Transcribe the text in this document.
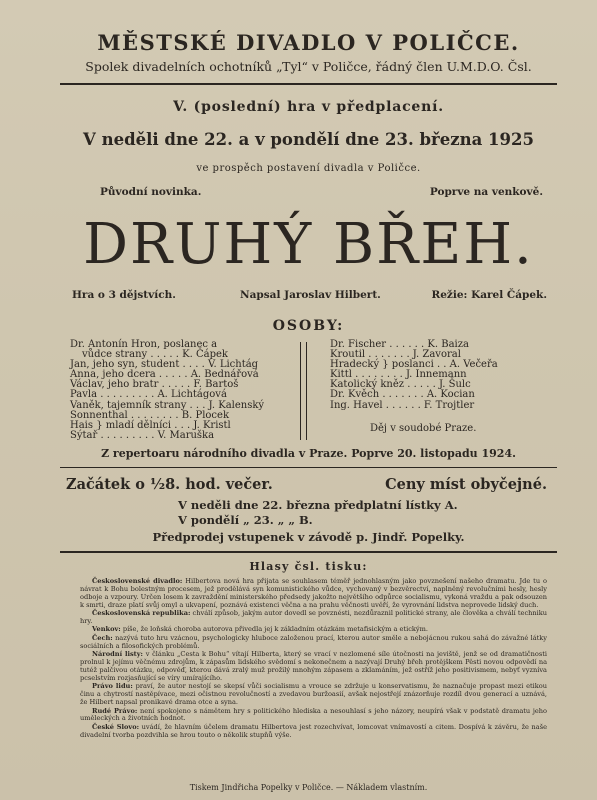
MĚSTSKÉ DIVADLO V POLIČCE.
Spolek divadelních ochotníků „Tyl“ v Poličce, řádný člen U.M.D.O. Čsl.
V. (poslední) hra v předplacení.
V neděli dne 22. a v pondělí dne 23. března 1925
ve prospěch postavení divadla v Poličce.
Původní novinka.	Poprve na venkově.
DRUHÝ BŘEH.
Hra o 3 dějstvích.	Napsal Jaroslav Hilbert.	Režie: Karel Čápek.
OSOBY:
Dr. Antonín Hron, poslanec a
vůdce strany . . . . . K. Čápek
Jan, jeho syn, student . . . . V. Lichtág
Anna, jeho dcera . . . . . A. Bednářová
Václav, jeho bratr . . . . . F. Bartoš
Pavla . . . . . . . . . A. Lichtágová
Vaněk, tajemník strany . . . J. Kalenský
Sonnenthal . . . . . . . . B. Plocek
Hais } mladí dělníci . . . J. Kristl
Sýtař . . . . . . . . . V. Maruška
Dr. Fischer . . . . . . K. Baiza
Kroutil . . . . . . . J. Zavoral
Hradecký } poslanci . . A. Večeřa
Kittl . . . . . . . . J. Innemann
Katolický kněz . . . . . J. Šulc
Dr. Kvěch . . . . . . . A. Kocian
Ing. Havel . . . . . . F. Trojtler
Děj v soudobé Praze.
Z repertoaru národního divadla v Praze. Poprve 20. listopadu 1924.
Začátek o ½8. hod. večer.	Ceny míst obyčejné.
V neděli dne 22. března předplatní lístky A.
V pondělí „ 23. „ „ B.
Předprodej vstupenek v závodě p. Jindř. Popelky.
Hlasy čsl. tisku:

Československé divadlo: Hilbertova nová hra přijata se souhlasem téměř jednohlasným jako povznešení našeho dramatu. Jde tu o návrat k Bohu bolestným procesem, jež prodělává syn komunistického vůdce, vychovaný v bezvěrectví, naplněný revolučními hesly, hesly odboje a vzpoury. Určen losem k zavraždění ministerského předsedy jakožto největšího odpůrce socialismu, vykoná vraždu a pak odsouzen k smrti, draze platí svůj omyl a ukvapení, poznává existenci věčna a na prahu věčnosti uvěří, že vyrovnání lidstva neprovede lidský duch.

Československá republika: chválí způsob, jakým autor dovedl se povznésti, nezdůraznil politické strany, ale člověka a chválí techniku hry.

Venkov: píše, že loňská choroba autorova přivedla jej k základním otázkám metafisickým a etickým.

Čech: nazývá tuto hru vzácnou, psychologicky hluboce založenou prací, kterou autor směle a nebojácnou rukou sahá do závažné látky sociálních a filosofických problémů.

Národní listy: v článku „Cesta k Bohu“ vítají Hilberta, který se vrací v nezlomené síle útočnosti na jeviště, jenž se od dramatičnosti prolnul k jejímu věčnému zdrojům, k zápasům lidského svědomí s nekonečnem a nazývají Druhý břeh protějškem Pěsti novou odpovědí na tutéž palčivou otázku, odpověď, kterou dává zralý muž prožilý mnohým zápasem a zklamáním, jež ostříž jeho positivismem, nebyť vyzníva pcselstvím rozjasňující se víry umírajícího.

Právo lidu: praví, že autor nestojí se skepsí vůči socialismu a vrouce se zdržuje u konservatismu, že naznačuje propast mezi etikou činu a chytrostí nastěpívace, mezi očistnou revolučností a zvedavou buržoasií, avšak nejostřejí znázorňuje rozdíl dvou generací a uznává, že Hilbert napsal pronikavé drama otce a syna.

Rudé Právo: není spokojeno s námětem hry s politického hlediska a nesouhlasí s jeho názory, neupírá však v podstatě dramatu jeho uměleckých a životních hodnot.

České Slovo: uvádí, že hlavním účelem dramatu Hilbertova jest rozechvívat, lomcovat vnímavostí a citem. Dospívá k závěru, že naše divadelní tvorba pozdvihla se hrou touto o několik stupňů výše.

Tiskem Jindřicha Popelky v Poličce. — Nákladem vlastním.
